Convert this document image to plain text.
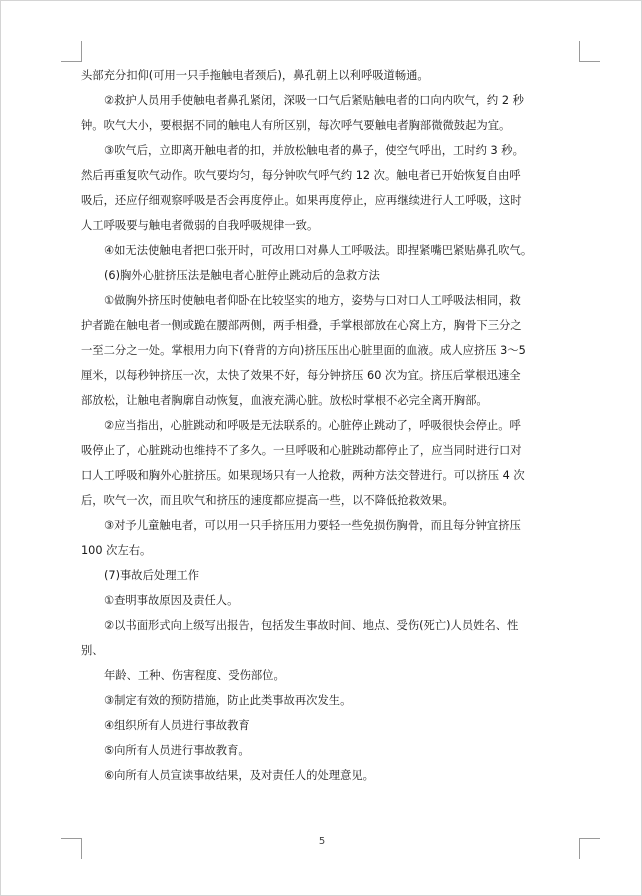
头部充分扣仰(可用一只手拖触电者颈后)，鼻孔朝上以利呼吸道畅通。
②救护人员用手使触电者鼻孔紧闭，深吸一口气后紧贴触电者的口向内吹气，约 2 秒
钟。吹气大小，要根据不同的触电人有所区别，每次呼气要触电者胸部微微鼓起为宜。
③吹气后，立即离开触电者的扣，并放松触电者的鼻子，使空气呼出，工时约 3 秒。
然后再重复吹气动作。吹气要均匀，每分钟吹气呼气约 12 次。触电者已开始恢复自由呼
吸后，还应仔细观察呼吸是否会再度停止。如果再度停止，应再继续进行人工呼吸，这时
人工呼吸要与触电者微弱的自我呼吸规律一致。
④如无法使触电者把口张开时，可改用口对鼻人工呼吸法。即捏紧嘴巴紧贴鼻孔吹气。
(6)胸外心脏挤压法是触电者心脏停止跳动后的急救方法
①做胸外挤压时使触电者仰卧在比较坚实的地方，姿势与口对口人工呼吸法相同，救
护者跪在触电者一侧或跪在腰部两侧，两手相叠，手掌根部放在心窝上方，胸骨下三分之
一至二分之一处。掌根用力向下(脊背的方向)挤压压出心脏里面的血液。成人应挤压 3～5
厘米，以每秒钟挤压一次，太快了效果不好，每分钟挤压 60 次为宜。挤压后掌根迅速全
部放松，让触电者胸廓自动恢复，血液充满心脏。放松时掌根不必完全离开胸部。
②应当指出，心脏跳动和呼吸是无法联系的。心脏停止跳动了，呼吸很快会停止。呼
吸停止了，心脏跳动也维持不了多久。一旦呼吸和心脏跳动都停止了，应当同时进行口对
口人工呼吸和胸外心脏挤压。如果现场只有一人抢救，两种方法交替进行。可以挤压 4 次
后，吹气一次，而且吹气和挤压的速度都应提高一些，以不降低抢救效果。
③对予儿童触电者，可以用一只手挤压用力要轻一些免损伤胸骨，而且每分钟宜挤压
100 次左右。
(7)事故后处理工作
①查明事故原因及责任人。
②以书面形式向上级写出报告，包括发生事故时间、地点、受伤(死亡)人员姓名、性
别、
年龄、工种、伤害程度、受伤部位。
③制定有效的预防措施，防止此类事故再次发生。
④组织所有人员进行事故教育
⑤向所有人员进行事故教育。
⑥向所有人员宣读事故结果，及对责任人的处理意见。
5
